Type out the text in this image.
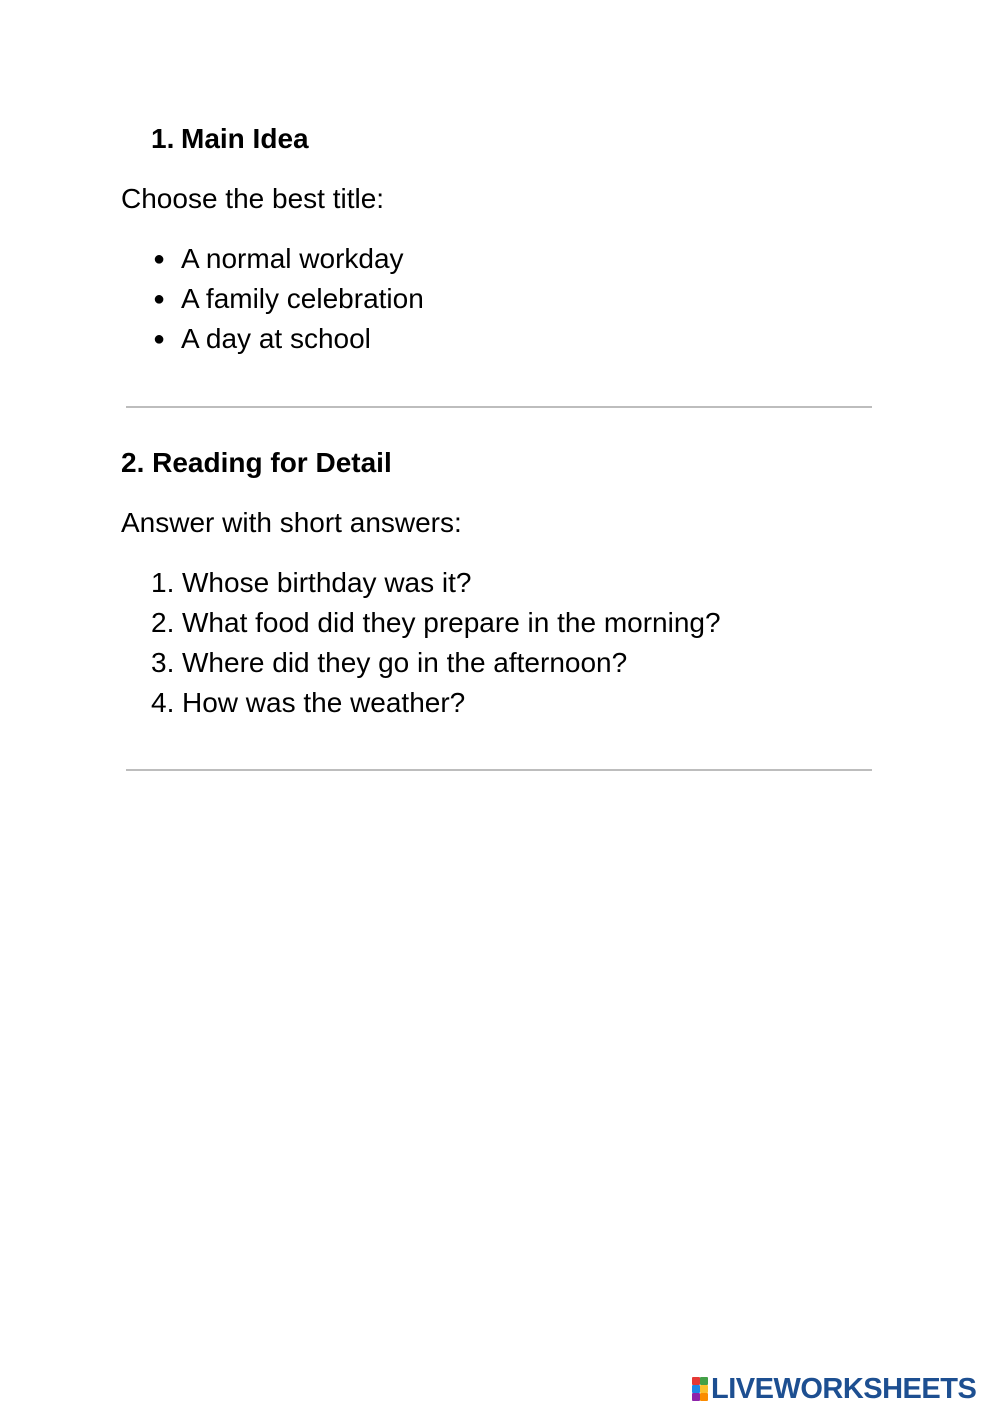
1. Main Idea
Choose the best title:
● A normal workday
● A family celebration
● A day at school
2. Reading for Detail
Answer with short answers:
1. Whose birthday was it?
2. What food did they prepare in the morning?
3. Where did they go in the afternoon?
4. How was the weather?
LIVEWORKSHEETS
